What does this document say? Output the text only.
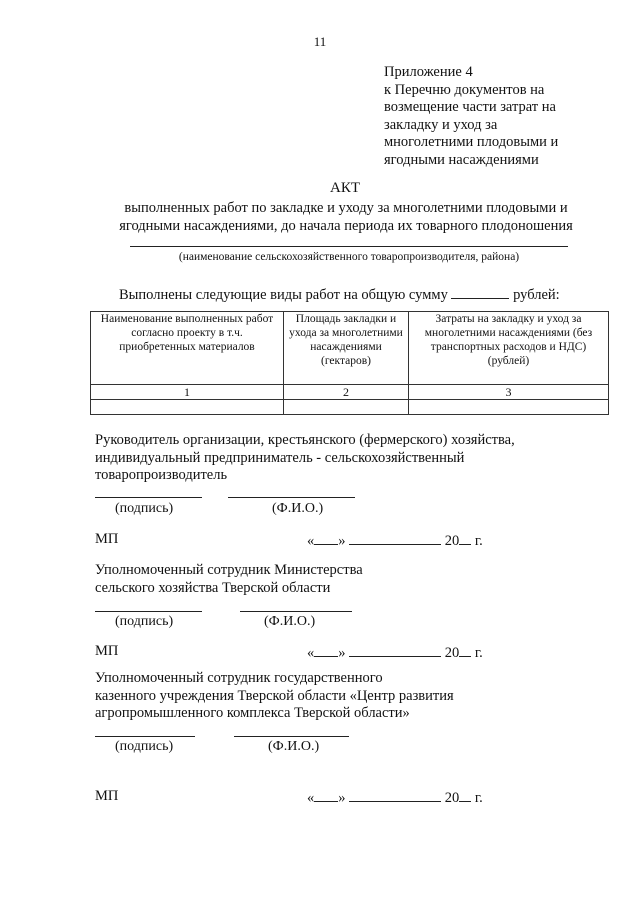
11
Приложение 4
к Перечню документов на
возмещение части затрат на
закладку и уход за
многолетними плодовыми и
ягодными насаждениями
АКТ
выполненных работ по закладке и уходу за многолетними плодовыми и
ягодными насаждениями, до начала периода их товарного плодоношения
(наименование сельскохозяйственного товаропроизводителя, района)
Выполнены следующие виды работ на общую сумму	рублей:
Наименование выполненных работ согласно проекту в т.ч. приобретенных материалов	Площадь закладки и ухода за многолетними насаждениями (гектаров)	Затраты на закладку и уход за многолетними насаждениями (без транспортных расходов и НДС) (рублей)
1	2	3

Руководитель организации, крестьянского (фермерского) хозяйства,
индивидуальный предприниматель - сельскохозяйственный
товаропроизводитель
(подпись)	(Ф.И.О.)
МП	« »	20 г.
Уполномоченный сотрудник Министерства
сельского хозяйства Тверской области
(подпись)	(Ф.И.О.)
МП	« »	20 г.
Уполномоченный сотрудник государственного
казенного учреждения Тверской области «Центр развития
агропромышленного комплекса Тверской области»
(подпись)	(Ф.И.О.)
МП	« »	20 г.
